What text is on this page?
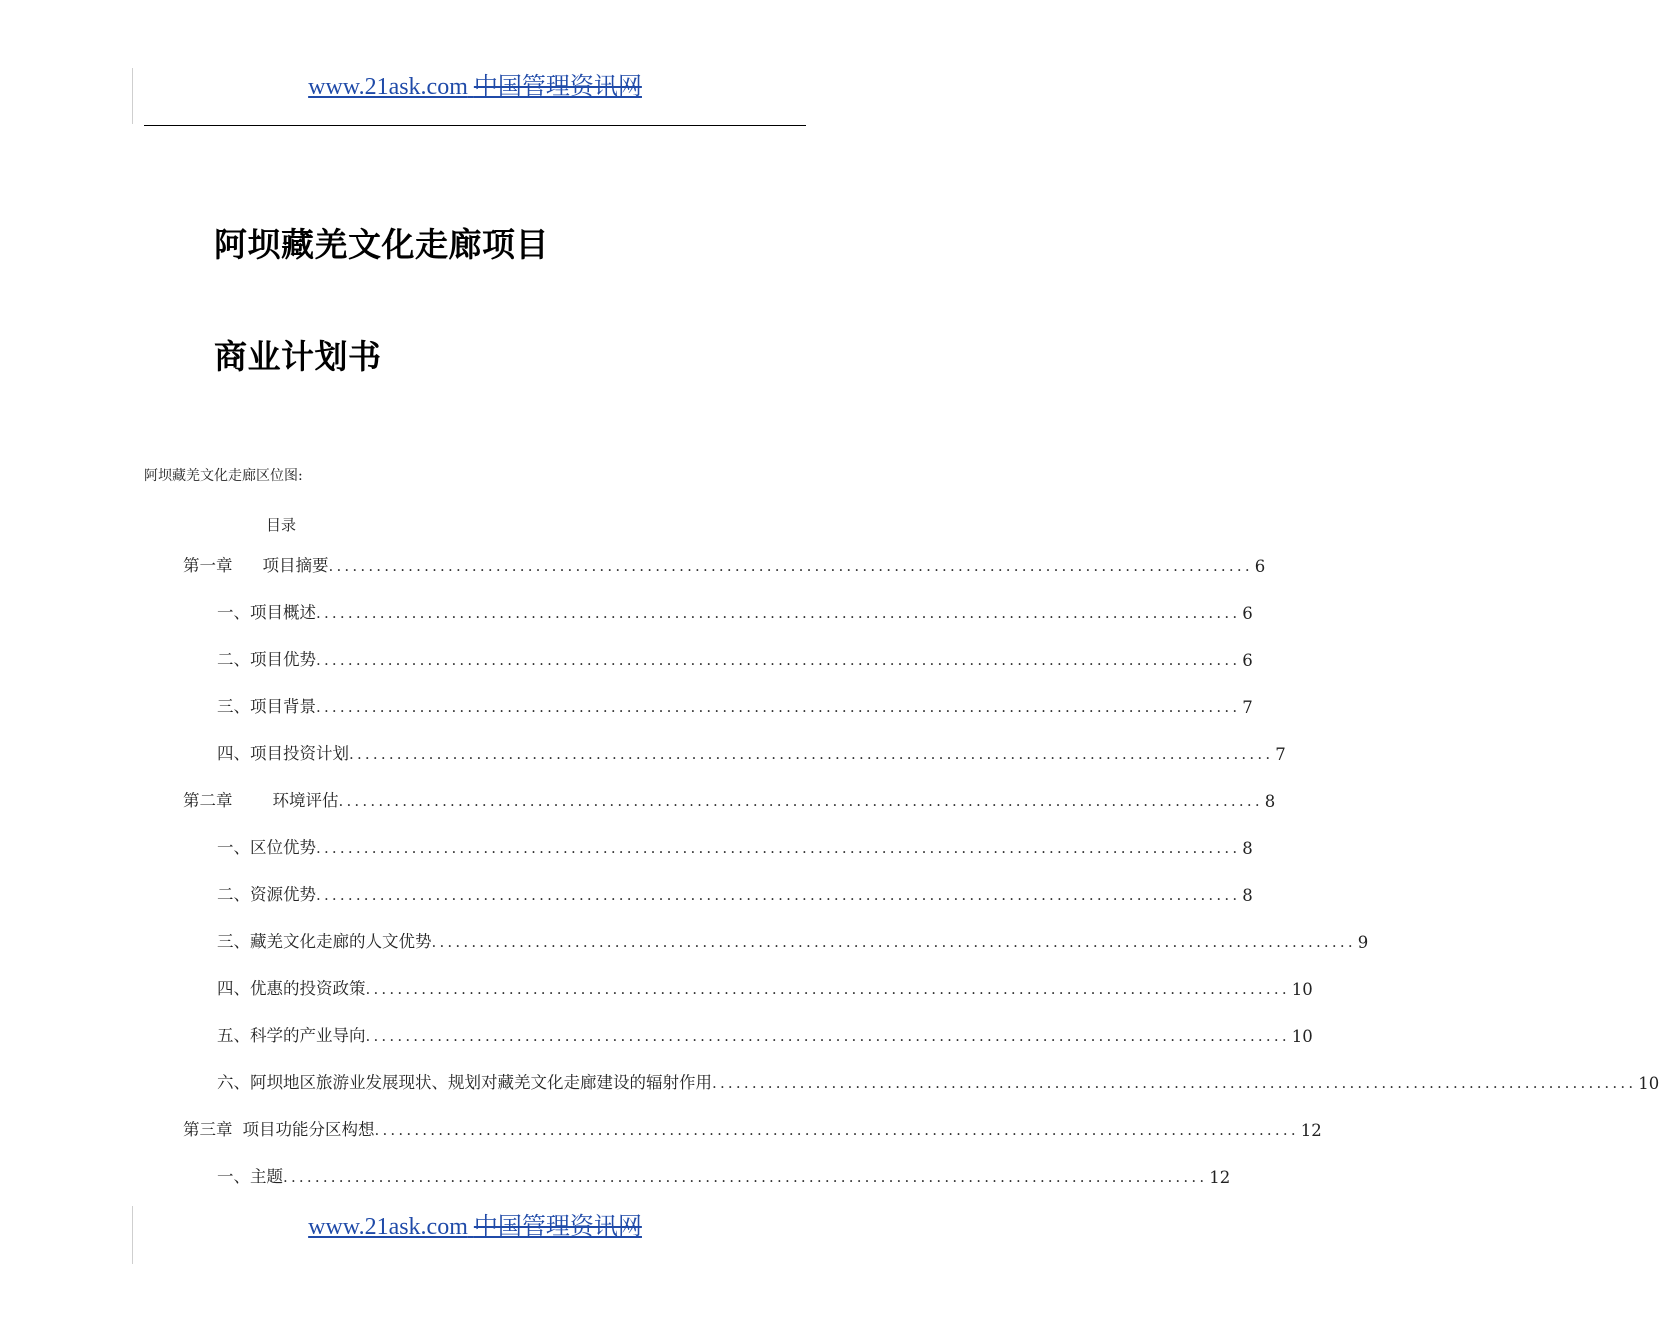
www.21ask.com 中国管理资讯网
阿坝藏羌文化走廊项目
商业计划书
阿坝藏羌文化走廊区位图:
目录
第一章 项目摘要 .................................................................................................................... 6
一、项目概述 .................................................................................................................... 6
二、项目优势 .................................................................................................................... 6
三、项目背景 .................................................................................................................... 7
四、项目投资计划 .................................................................................................................... 7
第二章 环境评估 .................................................................................................................... 8
一、区位优势 .................................................................................................................... 8
二、资源优势 .................................................................................................................... 8
三、藏羌文化走廊的人文优势 .................................................................................................................... 9
四、优惠的投资政策 .................................................................................................................... 10
五、科学的产业导向 .................................................................................................................... 10
六、阿坝地区旅游业发展现状、规划对藏羌文化走廊建设的辐射作用 .................................................................................................................... 10
第三章 项目功能分区构想 .................................................................................................................... 12
一、主题 .................................................................................................................... 12
www.21ask.com 中国管理资讯网
